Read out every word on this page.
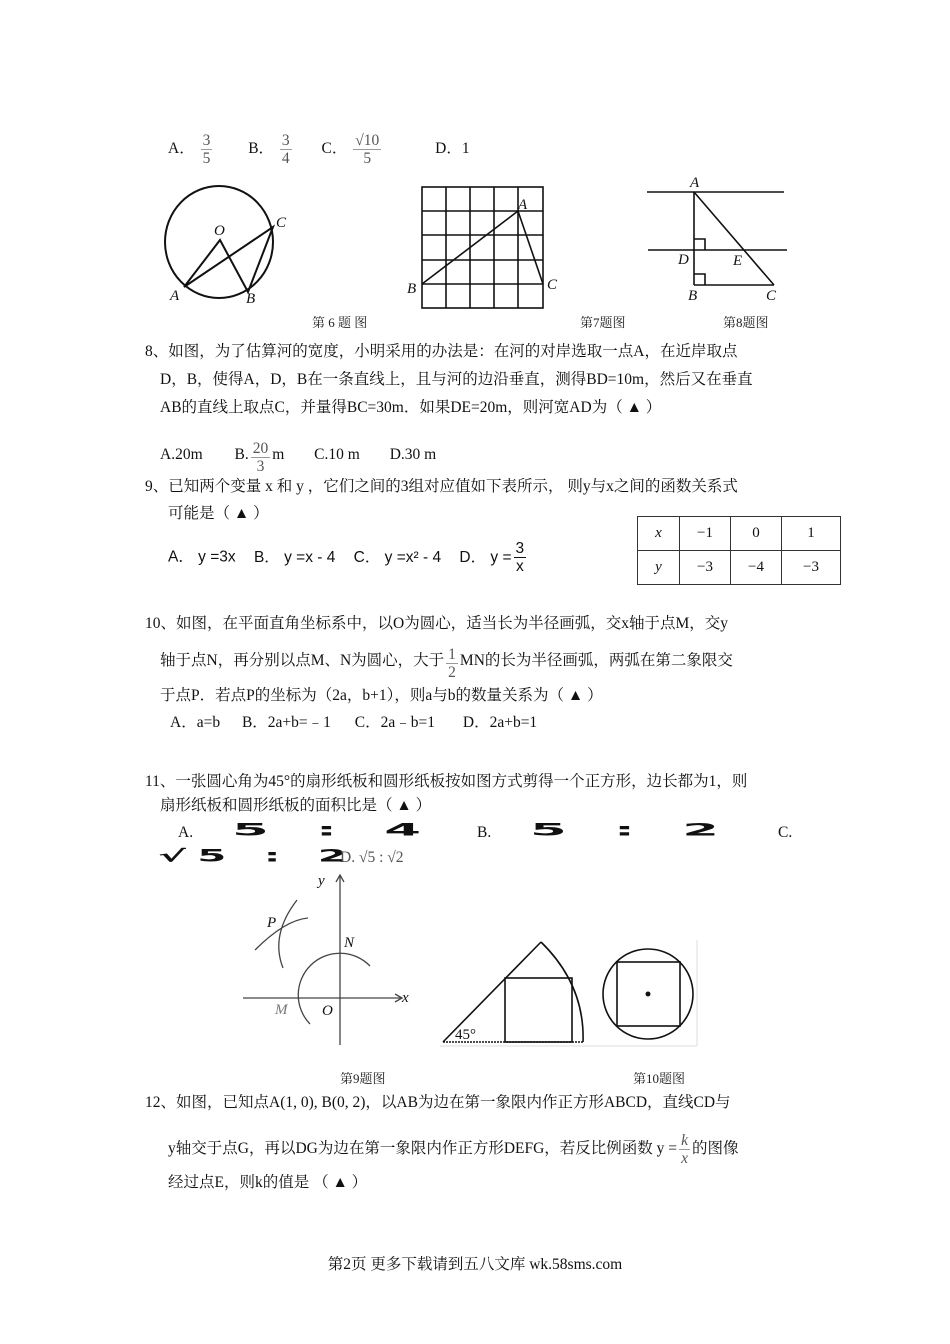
A． $\frac{3}{5}$ B． $\frac{3}{4}$ C． $\frac{√10}{5}$	D．1
O
A	B
C
A
B	C
A
D	E
B	C
第 6 题 图	第7题图	第8题图
8、如图，为了估算河的宽度，小明采用的办法是：在河的对岸选取一点A，在近岸取点
D，B，使得A，D，B在一条直线上，且与河的边沿垂直，测得BD=10m，然后又在垂直
AB的直线上取点C，并量得BC=30m．如果DE=20m，则河宽AD为（ ▲ ）
A.20m B. $\frac{20}{3}$ m C.10 m D.30 m
9、已知两个变量 x 和 y ，它们之间的3组对应值如下表所示， 则y与x之间的函数关系式
可能是（ ▲ ）
A． y =3x B． y =x - 4 C． y =x² - 4 D． $y = \frac{3}{x}$
x	−1	0	1
y	−3	−4	−3
10、如图，在平面直角坐标系中，以O为圆心，适当长为半径画弧，交x轴于点M，交y
轴于点N，再分别以点M、N为圆心，大于 $\frac{1}{2}$ MN的长为半径画弧，两弧在第二象限交
于点P．若点P的坐标为（2a，b+1），则a与b的数量关系为（ ▲ ）
A．a=b B．2a+b=﹣1 C．2a﹣b=1 D．2a+b=1
11、一张圆心角为45°的扇形纸板和圆形纸板按如图方式剪得一个正方形，边长都为1，则
扇形纸板和圆形纸板的面积比是（ ▲ ）
A. 5 : 4	B. 5 : 2	C.
√5 : 2
D. √5 : √2
y
x
P
N
M O
45°
第9题图	第10题图
12、如图，已知点A(1, 0), B(0, 2)，以AB为边在第一象限内作正方形ABCD，直线CD与
y轴交于点G，再以DG为边在第一象限内作正方形DEFG，若反比例函数 $y = \frac{k}{x}$ 的图像
经过点E，则k的值是 （ ▲ ）
第2页 更多下载请到五八文库 wk.58sms.com
